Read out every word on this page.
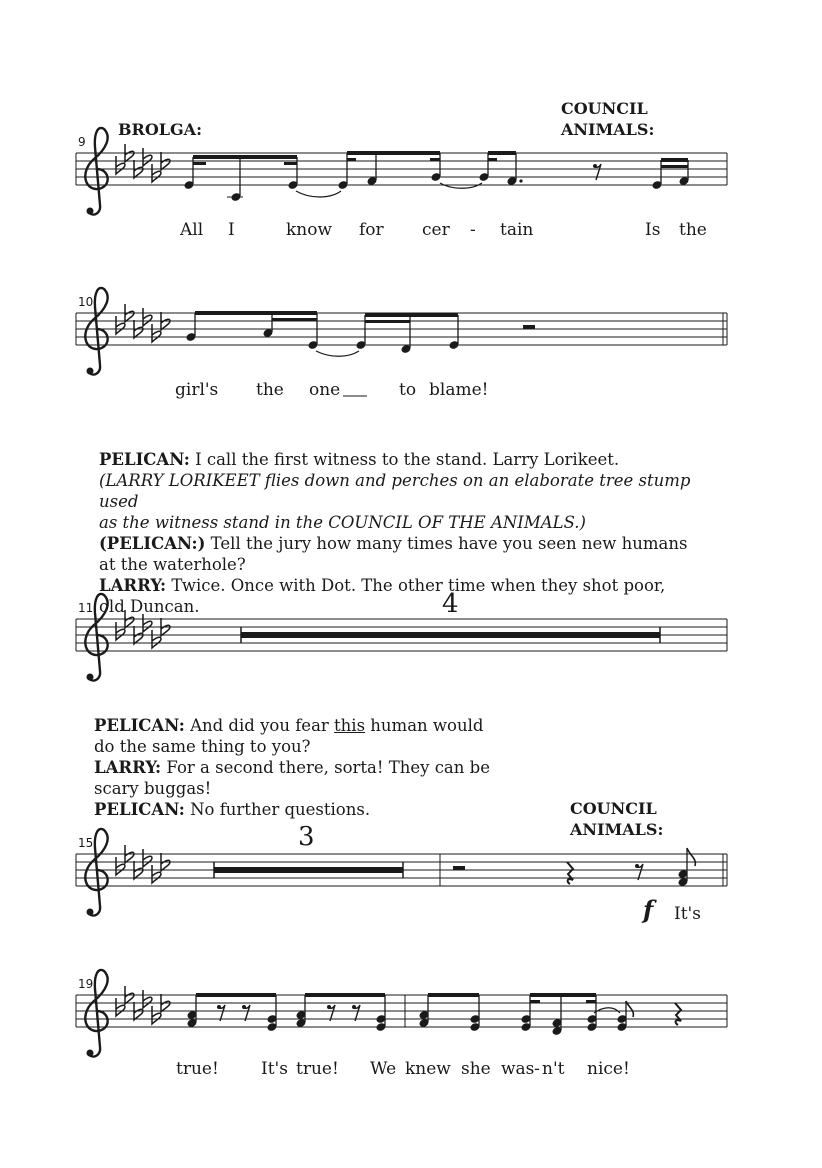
9
BROLGA:
COUNCIL
ANIMALS:
All I	know for cer - tain	Is the
10
girl's the one	to blame!
11	4
15
COUNCIL
ANIMALS:
3
f It's
19
true! It's true! We knew she was - n't nice!

PELICAN: I call the first witness to the stand. Larry Lorikeet.

(LARRY LORIKEET flies down and perches on an elaborate tree stump used

as the witness stand in the COUNCIL OF THE ANIMALS.)

(PELICAN:) Tell the jury how many times have you seen new humans

at the waterhole?

LARRY: Twice. Once with Dot. The other time when they shot poor,

old Duncan.

PELICAN: And did you fear this human would

do the same thing to you?

LARRY: For a second there, sorta! They can be

scary buggas!

PELICAN: No further questions.
